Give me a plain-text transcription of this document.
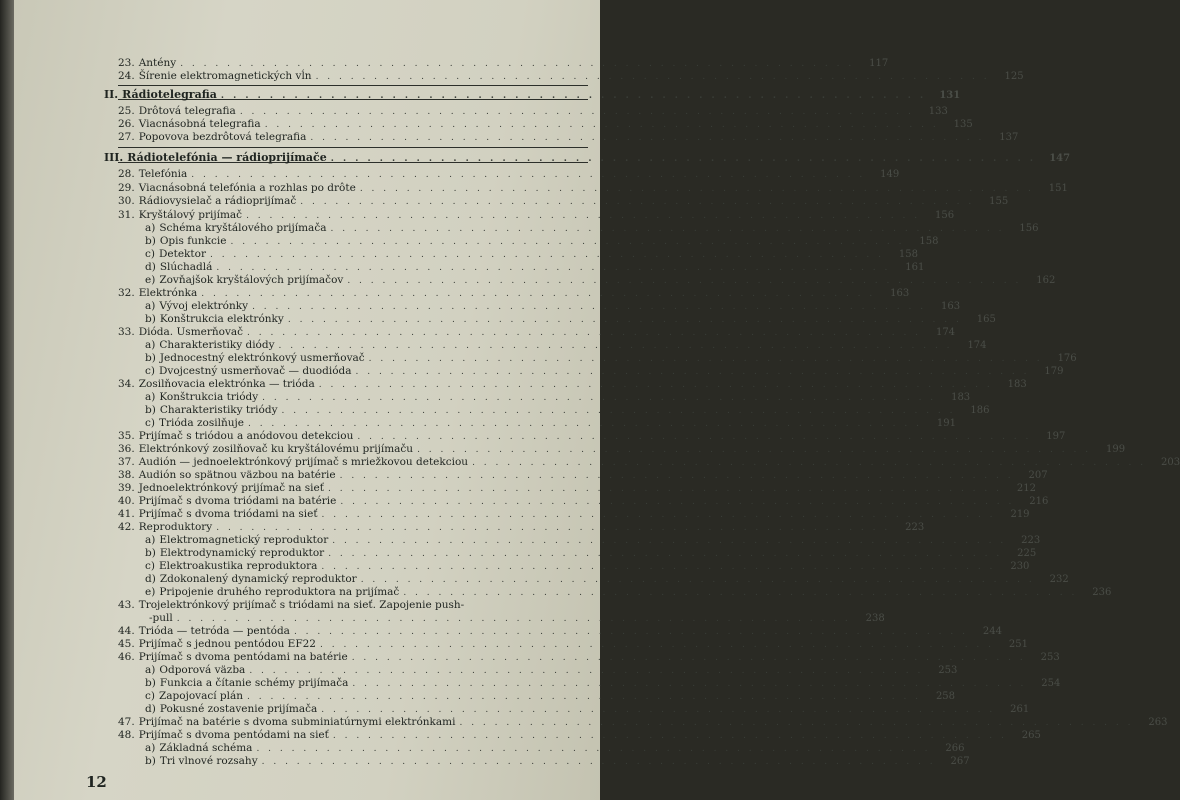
23. Antény . . . . . . . . . . . . . . . . . . . . . . . . . . . . . . . . . . . . . . . . . . . . . . . . . . . . . . . . . .	117
24. Šírenie elektromagnetických vĺn . . . . . . . . . . . . . . . . . . . . . . . . . . . . . . . . . . . . . . . . . . . . . . . . . . . . . . . . . .	125
II. Rádiotelegrafia . . . . . . . . . . . . . . . . . . . . . . . . . . . . . . . . . . . . . . . . . . . . . . . . . . . . . . . . . .	131
25. Drôtová telegrafia . . . . . . . . . . . . . . . . . . . . . . . . . . . . . . . . . . . . . . . . . . . . . . . . . . . . . . . . . .	133
26. Viacnásobná telegrafia . . . . . . . . . . . . . . . . . . . . . . . . . . . . . . . . . . . . . . . . . . . . . . . . . . . . . . . . . .	135
27. Popovova bezdrôtová telegrafia . . . . . . . . . . . . . . . . . . . . . . . . . . . . . . . . . . . . . . . . . . . . . . . . . . . . . . . . . .	137
III. Rádiotelefónia — rádioprijímače . . . . . . . . . . . . . . . . . . . . . . . . . . . . . . . . . . . . . . . . . . . . . . . . . . . . . . . . . .	147
28. Telefónia . . . . . . . . . . . . . . . . . . . . . . . . . . . . . . . . . . . . . . . . . . . . . . . . . . . . . . . . . .	149
29. Viacnásobná telefónia a rozhlas po drôte . . . . . . . . . . . . . . . . . . . . . . . . . . . . . . . . . . . . . . . . . . . . . . . . . . . . . . . . . .	151
30. Rádiovysielač a rádioprijímač . . . . . . . . . . . . . . . . . . . . . . . . . . . . . . . . . . . . . . . . . . . . . . . . . . . . . . . . . .	155
31. Kryštálový prijímač . . . . . . . . . . . . . . . . . . . . . . . . . . . . . . . . . . . . . . . . . . . . . . . . . . . . . . . . . .	156
a) Schéma kryštálového prijímača . . . . . . . . . . . . . . . . . . . . . . . . . . . . . . . . . . . . . . . . . . . . . . . . . . . . . . . . . .	156
b) Opis funkcie . . . . . . . . . . . . . . . . . . . . . . . . . . . . . . . . . . . . . . . . . . . . . . . . . . . . . . . . . .	158
c) Detektor . . . . . . . . . . . . . . . . . . . . . . . . . . . . . . . . . . . . . . . . . . . . . . . . . . . . . . . . . .	158
d) Slúchadlá . . . . . . . . . . . . . . . . . . . . . . . . . . . . . . . . . . . . . . . . . . . . . . . . . . . . . . . . . .	161
e) Zovňajšok kryštálových prijímačov . . . . . . . . . . . . . . . . . . . . . . . . . . . . . . . . . . . . . . . . . . . . . . . . . . . . . . . . . .	162
32. Elektrónka . . . . . . . . . . . . . . . . . . . . . . . . . . . . . . . . . . . . . . . . . . . . . . . . . . . . . . . . . .	163
a) Vývoj elektrónky . . . . . . . . . . . . . . . . . . . . . . . . . . . . . . . . . . . . . . . . . . . . . . . . . . . . . . . . . .	163
b) Konštrukcia elektrónky . . . . . . . . . . . . . . . . . . . . . . . . . . . . . . . . . . . . . . . . . . . . . . . . . . . . . . . . . .	165
33. Dióda. Usmerňovač . . . . . . . . . . . . . . . . . . . . . . . . . . . . . . . . . . . . . . . . . . . . . . . . . . . . . . . . . .	174
a) Charakteristiky diódy . . . . . . . . . . . . . . . . . . . . . . . . . . . . . . . . . . . . . . . . . . . . . . . . . . . . . . . . . .	174
b) Jednocestný elektrónkový usmerňovač . . . . . . . . . . . . . . . . . . . . . . . . . . . . . . . . . . . . . . . . . . . . . . . . . . . . . . . . . .	176
c) Dvojcestný usmerňovač — duodióda . . . . . . . . . . . . . . . . . . . . . . . . . . . . . . . . . . . . . . . . . . . . . . . . . . . . . . . . . .	179
34. Zosilňovacia elektrónka — trióda . . . . . . . . . . . . . . . . . . . . . . . . . . . . . . . . . . . . . . . . . . . . . . . . . . . . . . . . . .	183
a) Konštrukcia triódy . . . . . . . . . . . . . . . . . . . . . . . . . . . . . . . . . . . . . . . . . . . . . . . . . . . . . . . . . .	183
b) Charakteristiky triódy . . . . . . . . . . . . . . . . . . . . . . . . . . . . . . . . . . . . . . . . . . . . . . . . . . . . . . . . . .	186
c) Trióda zosilňuje . . . . . . . . . . . . . . . . . . . . . . . . . . . . . . . . . . . . . . . . . . . . . . . . . . . . . . . . . .	191
35. Prijímač s triódou a anódovou detekciou . . . . . . . . . . . . . . . . . . . . . . . . . . . . . . . . . . . . . . . . . . . . . . . . . . . . . . . . . .	197
36. Elektrónkový zosilňovač ku kryštálovému prijímaču . . . . . . . . . . . . . . . . . . . . . . . . . . . . . . . . . . . . . . . . . . . . . . . . . . . . . . . . . .	199
37. Audión — jednoelektrónkový prijímač s mriežkovou detekciou . . . . . . . . . . . . . . . . . . . . . . . . . . . . . . . . . . . . . . . . . . . . . . . . . . . . . . . . . .	203
38. Audión so spätnou väzbou na batérie . . . . . . . . . . . . . . . . . . . . . . . . . . . . . . . . . . . . . . . . . . . . . . . . . . . . . . . . . .	207
39. Jednoelektrónkový prijímač na sieť . . . . . . . . . . . . . . . . . . . . . . . . . . . . . . . . . . . . . . . . . . . . . . . . . . . . . . . . . .	212
40. Prijímač s dvoma triódami na batérie . . . . . . . . . . . . . . . . . . . . . . . . . . . . . . . . . . . . . . . . . . . . . . . . . . . . . . . . . .	216
41. Prijímač s dvoma triódami na sieť . . . . . . . . . . . . . . . . . . . . . . . . . . . . . . . . . . . . . . . . . . . . . . . . . . . . . . . . . .	219
42. Reproduktory . . . . . . . . . . . . . . . . . . . . . . . . . . . . . . . . . . . . . . . . . . . . . . . . . . . . . . . . . .	223
a) Elektromagnetický reproduktor . . . . . . . . . . . . . . . . . . . . . . . . . . . . . . . . . . . . . . . . . . . . . . . . . . . . . . . . . .	223
b) Elektrodynamický reproduktor . . . . . . . . . . . . . . . . . . . . . . . . . . . . . . . . . . . . . . . . . . . . . . . . . . . . . . . . . .	225
c) Elektroakustika reproduktora . . . . . . . . . . . . . . . . . . . . . . . . . . . . . . . . . . . . . . . . . . . . . . . . . . . . . . . . . .	230
d) Zdokonalený dynamický reproduktor . . . . . . . . . . . . . . . . . . . . . . . . . . . . . . . . . . . . . . . . . . . . . . . . . . . . . . . . . .	232
e) Pripojenie druhého reproduktora na prijímač . . . . . . . . . . . . . . . . . . . . . . . . . . . . . . . . . . . . . . . . . . . . . . . . . . . . . . . . . .	236
43. Trojelektrónkový prijímač s triódami na sieť. Zapojenie push-
-pull . . . . . . . . . . . . . . . . . . . . . . . . . . . . . . . . . . . . . . . . . . . . . . . . . . . . . . . . . .	238
44. Trióda — tetróda — pentóda . . . . . . . . . . . . . . . . . . . . . . . . . . . . . . . . . . . . . . . . . . . . . . . . . . . . . . . . . .	244
45. Prijímač s jednou pentódou EF22 . . . . . . . . . . . . . . . . . . . . . . . . . . . . . . . . . . . . . . . . . . . . . . . . . . . . . . . . . .	251
46. Prijímač s dvoma pentódami na batérie . . . . . . . . . . . . . . . . . . . . . . . . . . . . . . . . . . . . . . . . . . . . . . . . . . . . . . . . . .	253
a) Odporová väzba . . . . . . . . . . . . . . . . . . . . . . . . . . . . . . . . . . . . . . . . . . . . . . . . . . . . . . . . . .	253
b) Funkcia a čítanie schémy prijímača . . . . . . . . . . . . . . . . . . . . . . . . . . . . . . . . . . . . . . . . . . . . . . . . . . . . . . . . . .	254
c) Zapojovací plán . . . . . . . . . . . . . . . . . . . . . . . . . . . . . . . . . . . . . . . . . . . . . . . . . . . . . . . . . .	258
d) Pokusné zostavenie prijímača . . . . . . . . . . . . . . . . . . . . . . . . . . . . . . . . . . . . . . . . . . . . . . . . . . . . . . . . . .	261
47. Prijímač na batérie s dvoma subminiatúrnymi elektrónkami . . . . . . . . . . . . . . . . . . . . . . . . . . . . . . . . . . . . . . . . . . . . . . . . . . . . . . . . . .	263
48. Prijímač s dvoma pentódami na sieť . . . . . . . . . . . . . . . . . . . . . . . . . . . . . . . . . . . . . . . . . . . . . . . . . . . . . . . . . .	265
a) Základná schéma . . . . . . . . . . . . . . . . . . . . . . . . . . . . . . . . . . . . . . . . . . . . . . . . . . . . . . . . . .	266
b) Tri vlnové rozsahy . . . . . . . . . . . . . . . . . . . . . . . . . . . . . . . . . . . . . . . . . . . . . . . . . . . . . . . . . .	267
12
